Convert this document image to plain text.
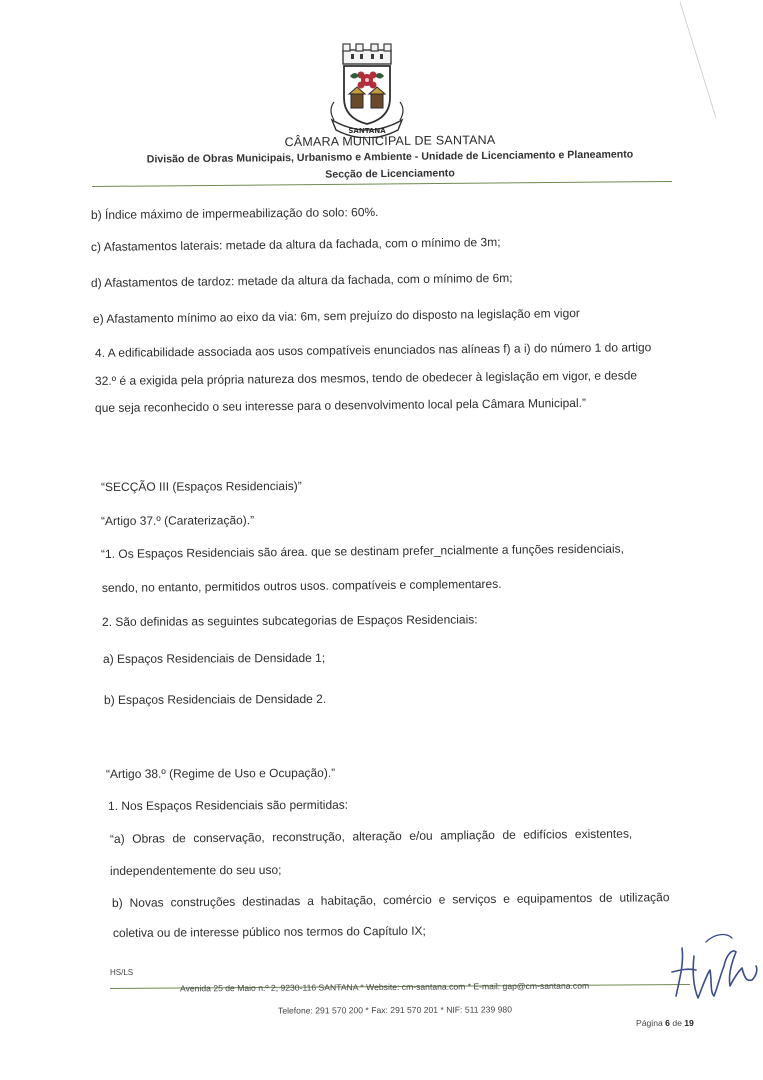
SANTANA
CÂMARA MUNICIPAL DE SANTANA
Divisão de Obras Municipais, Urbanismo e Ambiente - Unidade de Licenciamento e Planeamento
Secção de Licenciamento
b) Índice máximo de impermeabilização do solo: 60%.
c) Afastamentos laterais: metade da altura da fachada, com o mínimo de 3m;
d) Afastamentos de tardoz: metade da altura da fachada, com o mínimo de 6m;
e) Afastamento mínimo ao eixo da via: 6m, sem prejuízo do disposto na legislação em vigor
4. A edificabilidade associada aos usos compatíveis enunciados nas alíneas f) a i) do número 1 do artigo
32.º é a exigida pela própria natureza dos mesmos, tendo de obedecer à legislação em vigor, e desde
que seja reconhecido o seu interesse para o desenvolvimento local pela Câmara Municipal.”
“SECÇÃO III (Espaços Residenciais)”
“Artigo 37.º (Caraterização).”
“1. Os Espaços Residenciais são área. que se destinam prefer_ncialmente a funções residenciais,
sendo, no entanto, permitidos outros usos. compatíveis e complementares.
2. São definidas as seguintes subcategorias de Espaços Residenciais:
a) Espaços Residenciais de Densidade 1;
b) Espaços Residenciais de Densidade 2.
“Artigo 38.º (Regime de Uso e Ocupação).”
1. Nos Espaços Residenciais são permitidas:
“a) Obras de conservação, reconstrução, alteração e/ou ampliação de edifícios existentes,
independentemente do seu uso;
b) Novas construções destinadas a habitação, comércio e serviços e equipamentos de utilização
coletiva ou de interesse público nos termos do Capítulo IX;
HS/LS
Avenida 25 de Maio n.º 2, 9230-116 SANTANA * Website: cm-santana.com * E-mail: gap@cm-santana.com
Telefone: 291 570 200 * Fax: 291 570 201 * NIF: 511 239 980
Página 6 de 19
